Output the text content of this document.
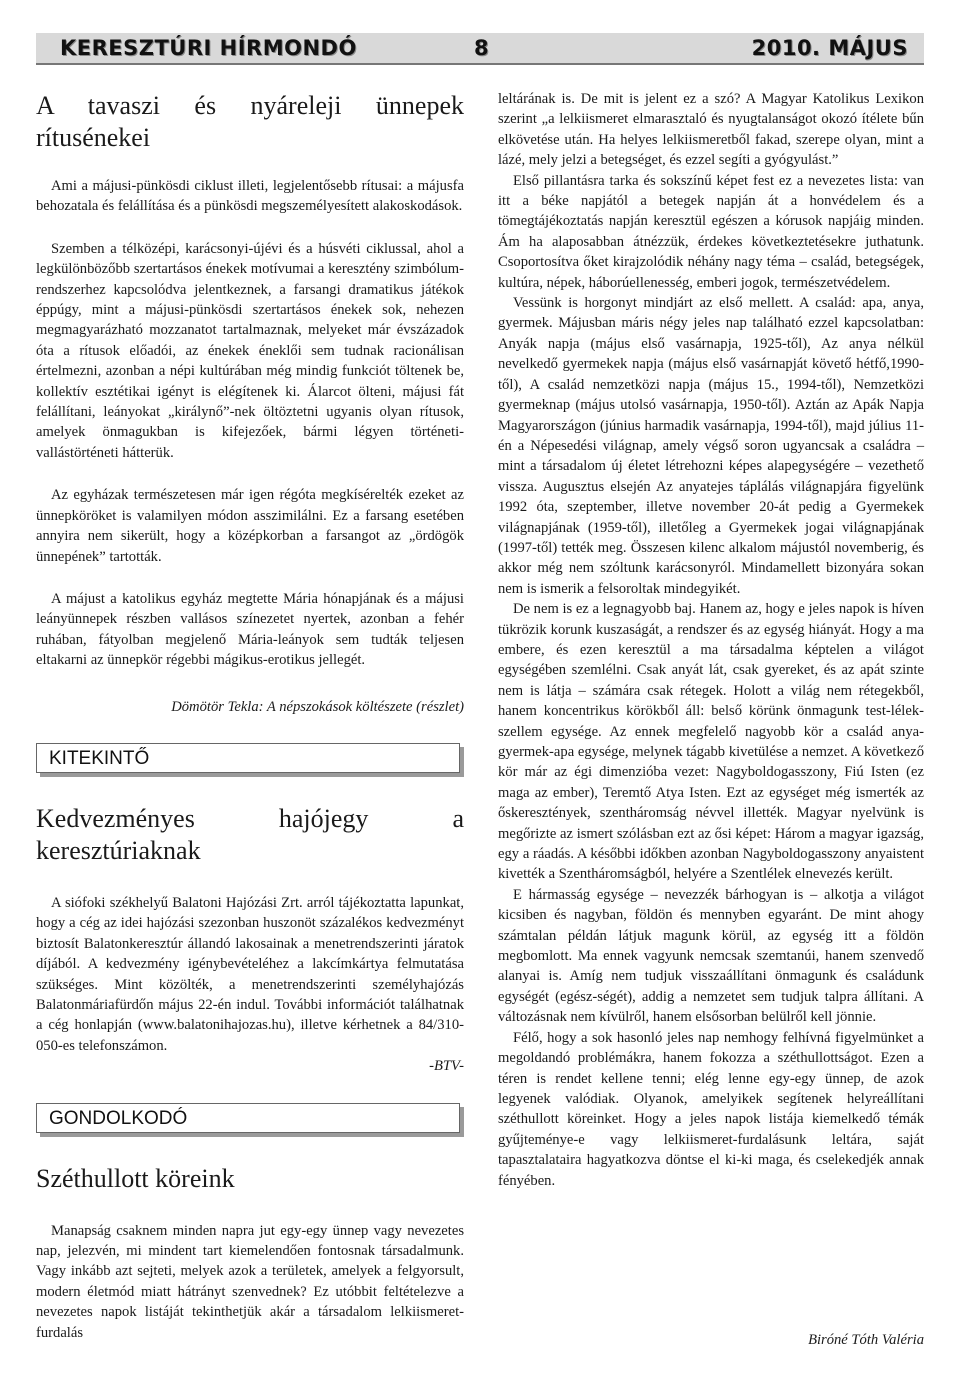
KERESZTÚRI HÍRMONDÓ	8	2010. MÁJUS
A tavaszi és nyáreleji ünnepek rítusénekei

Ami a májusi-pünkösdi ciklust illeti, legjelentősebb rítusai: a májusfa behozatala és felállítása és a pünkösdi megszemélyesített alakoskodások.

Szemben a télközépi, karácsonyi-újévi és a húsvéti ciklussal, ahol a legkülönbözőbb szertartásos énekek motívumai a keresztény szimbólum-rendszerhez kapcsolódva jelentkeznek, a farsangi dramatikus játékok éppúgy, mint a májusi-pünkösdi szertartásos énekek sok, nehezen megmagyarázható mozzanatot tartalmaznak, melyeket már évszázadok óta a rítusok előadói, az énekek éneklői sem tudnak racionálisan értelmezni, azonban a népi kultúrában még mindig funkciót töltenek be, kollektív esztétikai igényt is elégítenek ki. Álarcot ölteni, májusi fát felállítani, leányokat „királynő”-nek öltöztetni ugyanis olyan rítusok, amelyek önmagukban is kifejezőek, bármi légyen történeti-vallástörténeti hátterük.

Az egyházak természetesen már igen régóta megkísérelték ezeket az ünnepköröket is valamilyen módon asszimilálni. Ez a farsang esetében annyira nem sikerült, hogy a középkorban a farsangot az „ördögök ünnepének” tartották.

A májust a katolikus egyház megtette Mária hónapjának és a májusi leányünnepek részben vallásos színezetet nyertek, azonban a fehér ruhában, fátyolban megjelenő Mária-leányok sem tudták teljesen eltakarni az ünnepkör régebbi mágikus-erotikus jellegét.

Dömötör Tekla: A népszokások költészete (részlet)
KITEKINTŐ
Kedvezményes hajójegy a keresztúriaknak

A siófoki székhelyű Balatoni Hajózási Zrt. arról tájékoztatta lapunkat, hogy a cég az idei hajózási szezonban huszonöt százalékos kedvezményt biztosít Balatonkeresztúr állandó lakosainak a menetrendszerinti járatok díjából. A kedvezmény igénybevételéhez a lakcímkártya felmutatása szükséges. Mint közölték, a menetrendszerinti személyhajózás Balatonmáriafürdőn május 22-én indul. További információt találhatnak a cég honlapján (www.balatonihajozas.hu), illetve kérhetnek a 84/310-050-es telefonszámon.

-BTV-
GONDOLKODÓ
Széthullott köreink

Manapság csaknem minden napra jut egy-egy ünnep vagy nevezetes nap, jelezvén, mi mindent tart kiemelendően fontosnak társadalmunk. Vagy inkább azt sejteti, melyek azok a területek, amelyek a felgyorsult, modern életmód miatt hátrányt szenvednek? Ez utóbbit feltételezve a nevezetes napok listáját tekinthetjük akár a társadalom lelkiismeret-furdalás

leltárának is. De mit is jelent ez a szó? A Magyar Katolikus Lexikon szerint „a lelkiismeret elmarasztaló és nyugtalanságot okozó ítélete bűn elkövetése után. Ha helyes lelkiismeretből fakad, szerepe olyan, mint a lázé, mely jelzi a betegséget, és ezzel segíti a gyógyulást.”

Első pillantásra tarka és sokszínű képet fest ez a nevezetes lista: van itt a béke napjától a betegek napján át a honvédelem és a tömegtájékoztatás napján keresztül egészen a kórusok napjáig minden. Ám ha alaposabban átnézzük, érdekes következtetésekre juthatunk. Csoportosítva őket kirajzolódik néhány nagy téma – család, betegségek, kultúra, népek, háborúellenesség, emberi jogok, természetvédelem.

Vessünk is horgonyt mindjárt az első mellett. A család: apa, anya, gyermek. Májusban máris négy jeles nap található ezzel kapcsolatban: Anyák napja (május első vasárnapja, 1925-től), Az anya nélkül nevelkedő gyermekek napja (május első vasárnapját követő hétfő,1990-től), A család nemzetközi napja (május 15., 1994-től), Nemzetközi gyermeknap (május utolsó vasárnapja, 1950-től). Aztán az Apák Napja Magyarországon (június harmadik vasárnapja, 1994-től), majd július 11-én a Népesedési világnap, amely végső soron ugyancsak a családra – mint a társadalom új életet létrehozni képes alapegységére – vezethető vissza. Augusztus elsején Az anyatejes táplálás világnapjára figyelünk 1992 óta, szeptember, illetve november 20-át pedig a Gyermekek világnapjának (1959-től), illetőleg a Gyermekek jogai világnapjának (1997-től) tették meg. Összesen kilenc alkalom májustól novemberig, és akkor még nem szóltunk karácsonyról. Mindamellett bizonyára sokan nem is ismerik a felsoroltak mindegyikét.

De nem is ez a legnagyobb baj. Hanem az, hogy e jeles napok is híven tükrözik korunk kuszaságát, a rendszer és az egység hiányát. Hogy a ma embere, és ezen keresztül a ma társadalma képtelen a világot egységében szemlélni. Csak anyát lát, csak gyereket, és az apát szinte nem is látja – számára csak rétegek. Holott a világ nem rétegekből, hanem koncentrikus körökből áll: belső körünk önmagunk test-lélek-szellem egysége. Az ennek megfelelő nagyobb kör a család anya-gyermek-apa egysége, melynek tágabb kivetülése a nemzet. A következő kör már az égi dimenzióba vezet: Nagyboldogasszony, Fiú Isten (ez maga az ember), Teremtő Atya Isten. Ezt az egységet még ismerték az őskeresztények, szentháromság névvel illették. Magyar nyelvünk is megőrizte az ismert szólásban ezt az ősi képet: Három a magyar igazság, egy a ráadás. A későbbi időkben azonban Nagyboldogasszony anyaistent kivették a Szentháromságból, helyére a Szentlélek elnevezés került.

E hármasság egysége – nevezzék bárhogyan is – alkotja a világot kicsiben és nagyban, földön és mennyben egyaránt. De mint ahogy számtalan példán látjuk magunk körül, az egység itt a földön megbomlott. Ma ennek vagyunk nemcsak szemtanúi, hanem szenvedő alanyai is. Amíg nem tudjuk visszaállítani önmagunk és családunk egységét (egész-ségét), addig a nemzetet sem tudjuk talpra állítani. A változásnak nem kívülről, hanem elsősorban belülről kell jönnie.

Félő, hogy a sok hasonló jeles nap nemhogy felhívná figyelmünket a megoldandó problémákra, hanem fokozza a széthullottságot. Ezen a téren is rendet kellene tenni; elég lenne egy-egy ünnep, de azok legyenek valódiak. Olyanok, amelyikek segítenek helyreállítani széthullott köreinket. Hogy a jeles napok listája kiemelkedő témák gyűjteménye-e vagy lelkiismeret-furdalásunk leltára, saját tapasztalataira hagyatkozva döntse el ki-ki maga, és cselekedjék annak fényében.

Biróné Tóth Valéria
